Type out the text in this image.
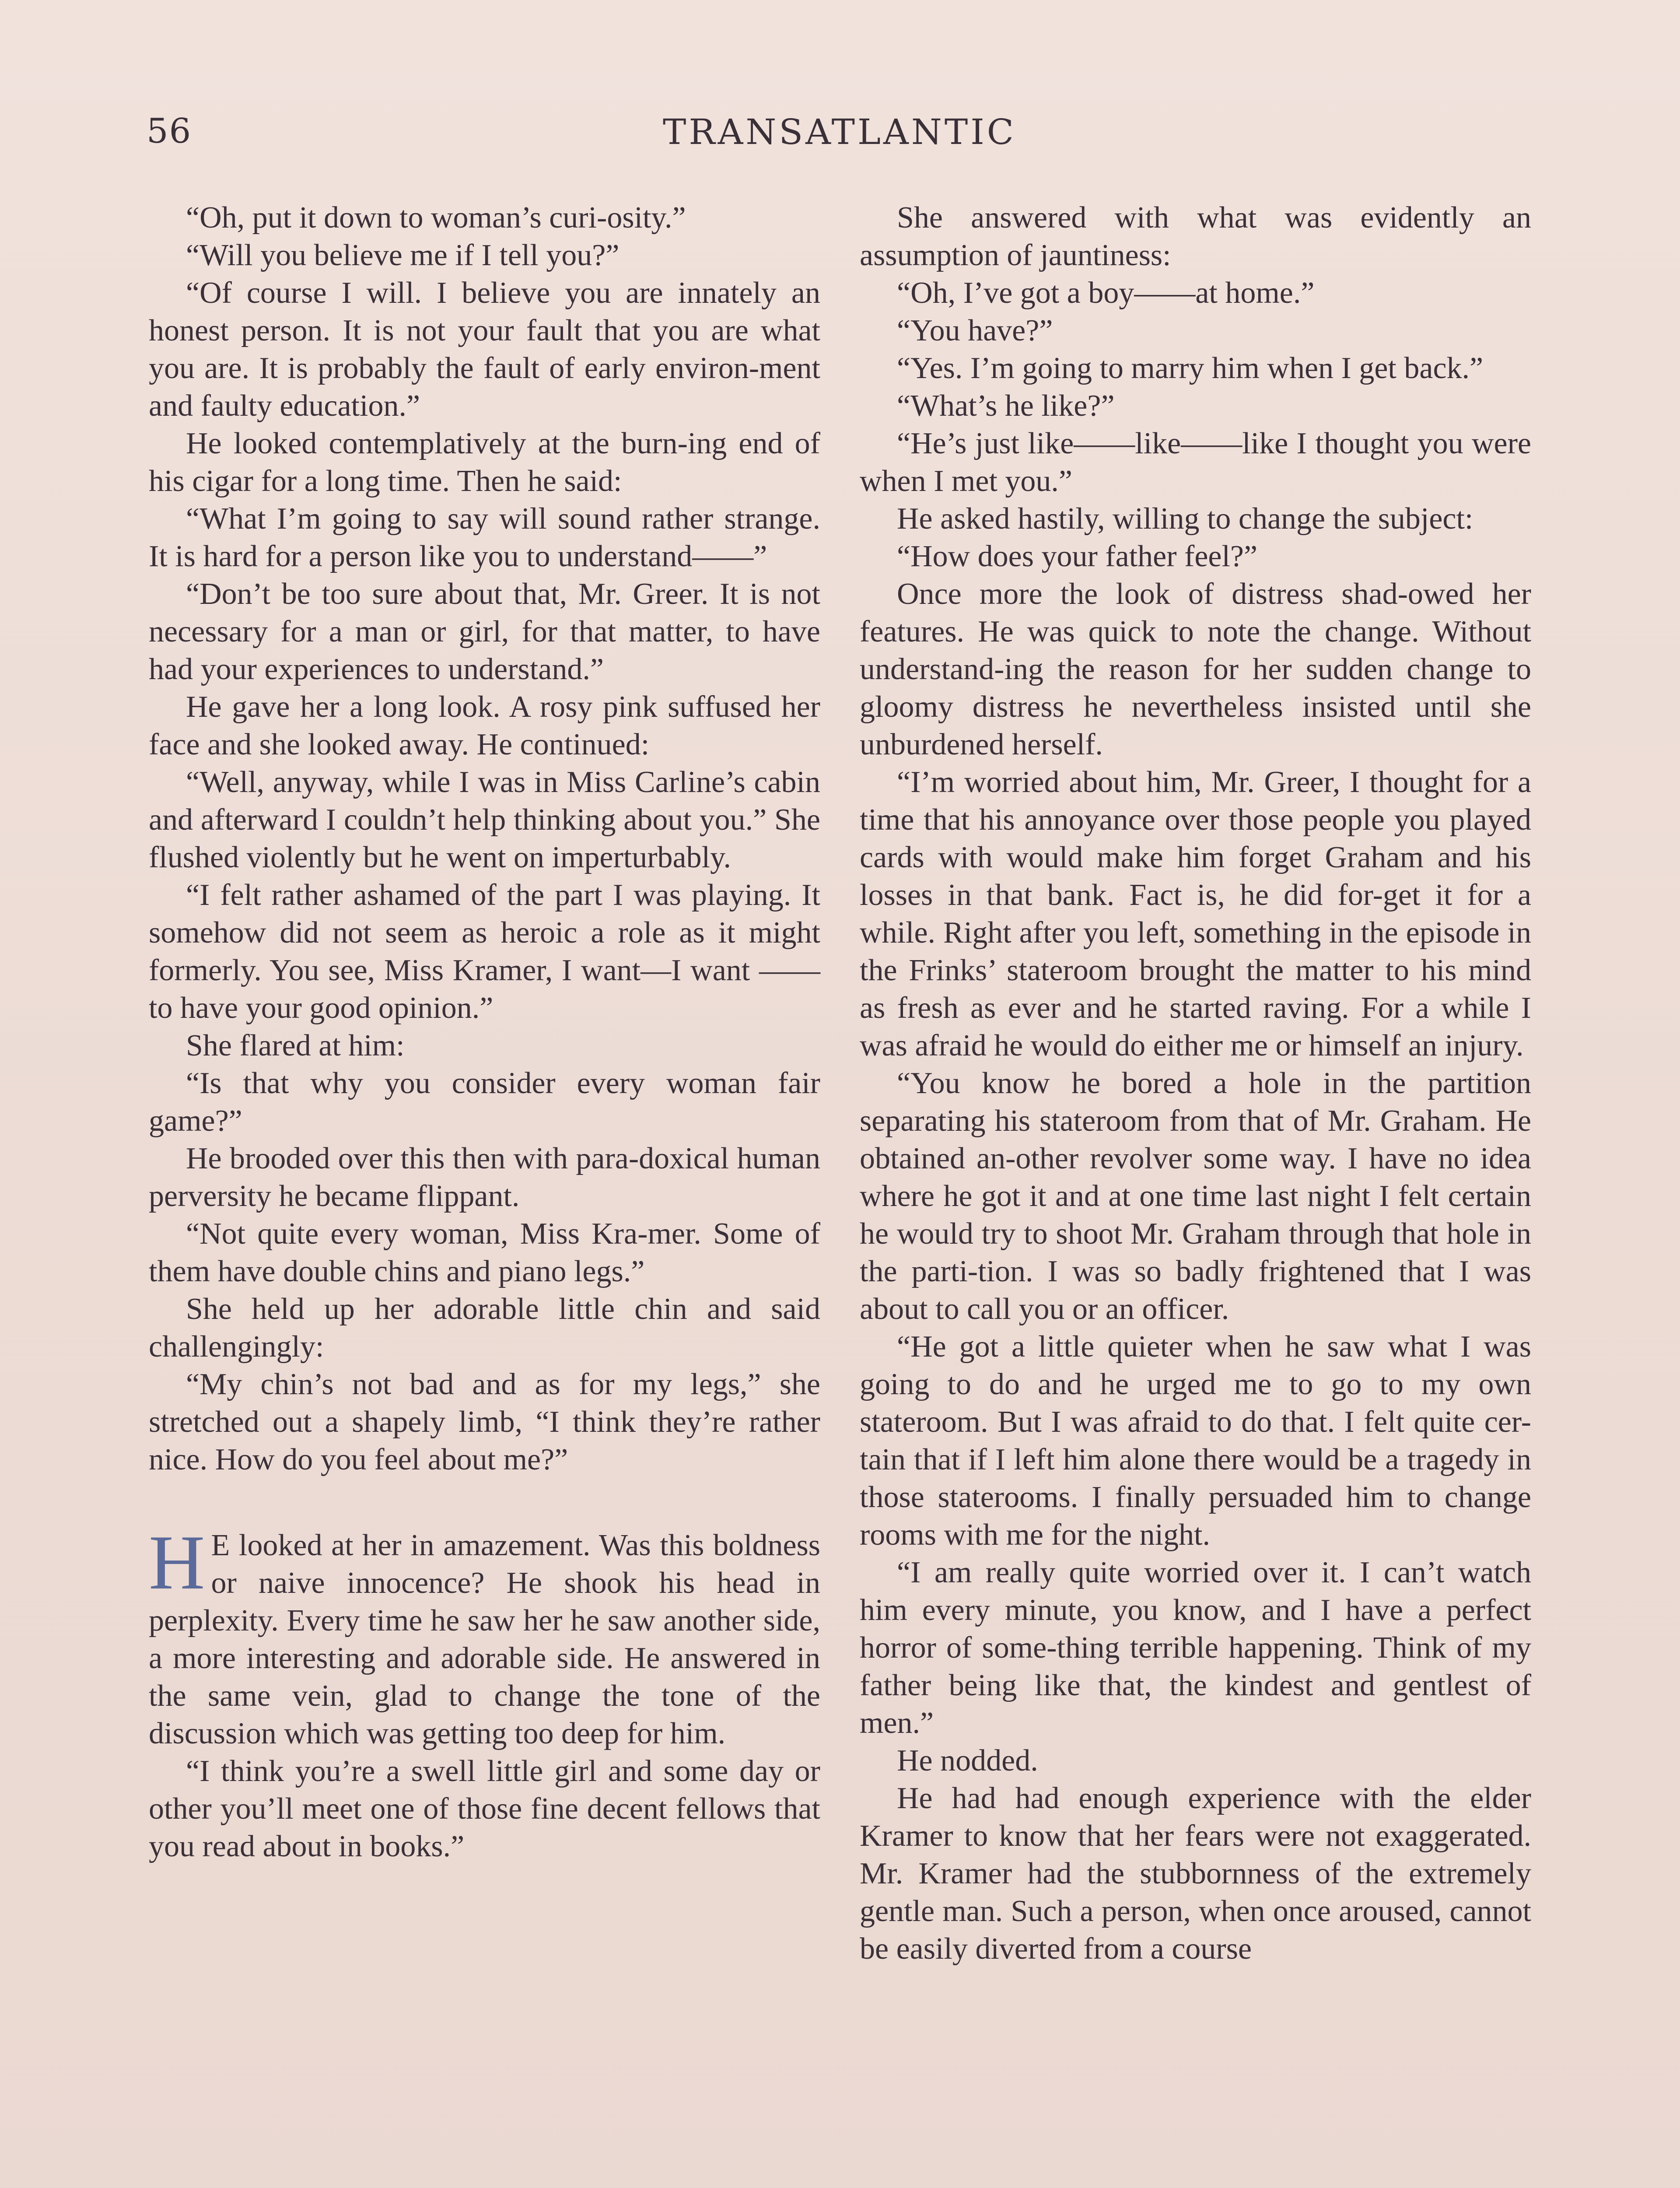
56	TRANSATLANTIC

“Oh, put it down to woman’s curi-osity.”

“Will you believe me if I tell you?”

“Of course I will. I believe you are innately an honest person. It is not your fault that you are what you are. It is probably the fault of early environ-ment and faulty education.”

He looked contemplatively at the burn-ing end of his cigar for a long time. Then he said:

“What I’m going to say will sound rather strange. It is hard for a person like you to understand——”

“Don’t be too sure about that, Mr. Greer. It is not necessary for a man or girl, for that matter, to have had your experiences to understand.”

He gave her a long look. A rosy pink suffused her face and she looked away. He continued:

“Well, anyway, while I was in Miss Carline’s cabin and afterward I couldn’t help thinking about you.” She flushed violently but he went on imperturbably.

“I felt rather ashamed of the part I was playing. It somehow did not seem as heroic a role as it might formerly. You see, Miss Kramer, I want—I want ——to have your good opinion.”

She flared at him:

“Is that why you consider every woman fair game?”

He brooded over this then with para-doxical human perversity he became flippant.

“Not quite every woman, Miss Kra-mer. Some of them have double chins and piano legs.”

She held up her adorable little chin and said challengingly:

“My chin’s not bad and as for my legs,” she stretched out a shapely limb, “I think they’re rather nice. How do you feel about me?”

H E looked at her in amazement. Was this boldness or naive innocence? He shook his head in perplexity. Every time he saw her he saw another side, a more interesting and adorable side. He answered in the same vein, glad to change the tone of the discussion which was getting too deep for him.

“I think you’re a swell little girl and some day or other you’ll meet one of those fine decent fellows that you read about in books.”

She answered with what was evidently an assumption of jauntiness:

“Oh, I’ve got a boy——at home.”

“You have?”

“Yes. I’m going to marry him when I get back.”

“What’s he like?”

“He’s just like——like——like I thought you were when I met you.”

He asked hastily, willing to change the subject:

“How does your father feel?”

Once more the look of distress shad-owed her features. He was quick to note the change. Without understand-ing the reason for her sudden change to gloomy distress he nevertheless insisted until she unburdened herself.

“I’m worried about him, Mr. Greer, I thought for a time that his annoyance over those people you played cards with would make him forget Graham and his losses in that bank. Fact is, he did for-get it for a while. Right after you left, something in the episode in the Frinks’ stateroom brought the matter to his mind as fresh as ever and he started raving. For a while I was afraid he would do either me or himself an injury.

“You know he bored a hole in the partition separating his stateroom from that of Mr. Graham. He obtained an-other revolver some way. I have no idea where he got it and at one time last night I felt certain he would try to shoot Mr. Graham through that hole in the parti-tion. I was so badly frightened that I was about to call you or an officer.

“He got a little quieter when he saw what I was going to do and he urged me to go to my own stateroom. But I was afraid to do that. I felt quite cer-tain that if I left him alone there would be a tragedy in those staterooms. I finally persuaded him to change rooms with me for the night.

“I am really quite worried over it. I can’t watch him every minute, you know, and I have a perfect horror of some-thing terrible happening. Think of my father being like that, the kindest and gentlest of men.”

He nodded.

He had had enough experience with the elder Kramer to know that her fears were not exaggerated. Mr. Kramer had the stubbornness of the extremely gentle man. Such a person, when once aroused, cannot be easily diverted from a course
